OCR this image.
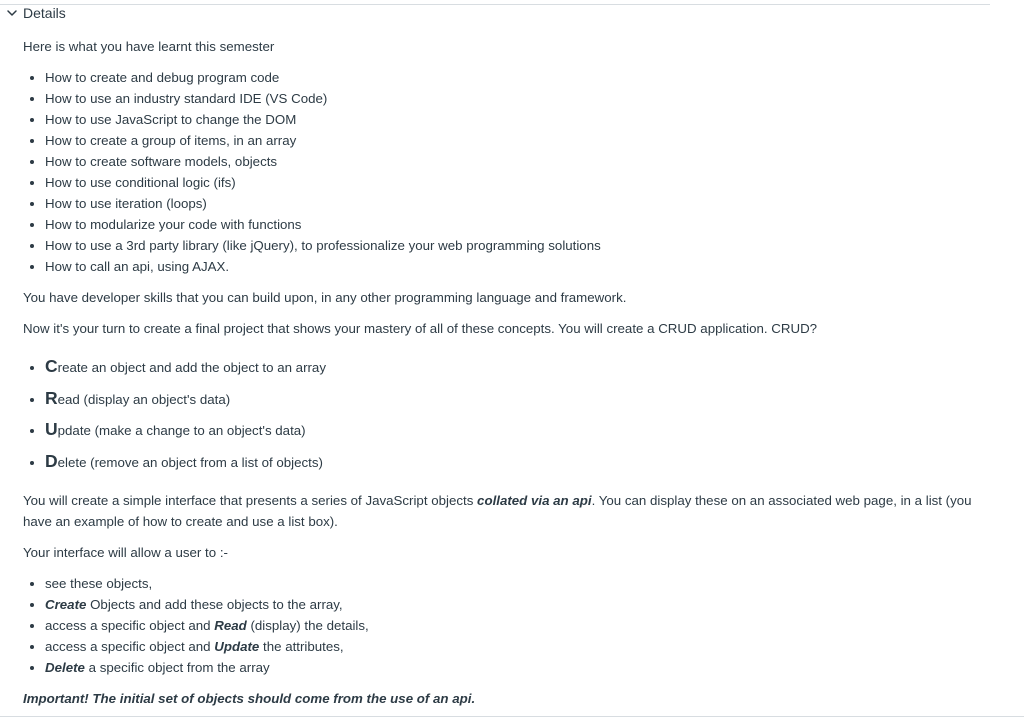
Details

Here is what you have learnt this semester

• How to create and debug program code
• How to use an industry standard IDE (VS Code)
• How to use JavaScript to change the DOM
• How to create a group of items, in an array
• How to create software models, objects
• How to use conditional logic (ifs)
• How to use iteration (loops)
• How to modularize your code with functions
• How to use a 3rd party library (like jQuery), to professionalize your web programming solutions
• How to call an api, using AJAX.

You have developer skills that you can build upon, in any other programming language and framework.

Now it's your turn to create a final project that shows your mastery of all of these concepts. You will create a CRUD application. CRUD?

• Create an object and add the object to an array
• Read (display an object's data)
• Update (make a change to an object's data)
• Delete (remove an object from a list of objects)

You will create a simple interface that presents a series of JavaScript objects collated via an api. You can display these on an associated web page, in a list (you have an example of how to create and use a list box).

Your interface will allow a user to :-

• see these objects,
• Create Objects and add these objects to the array,
• access a specific object and Read (display) the details,
• access a specific object and Update the attributes,
• Delete a specific object from the array

Important! The initial set of objects should come from the use of an api.
